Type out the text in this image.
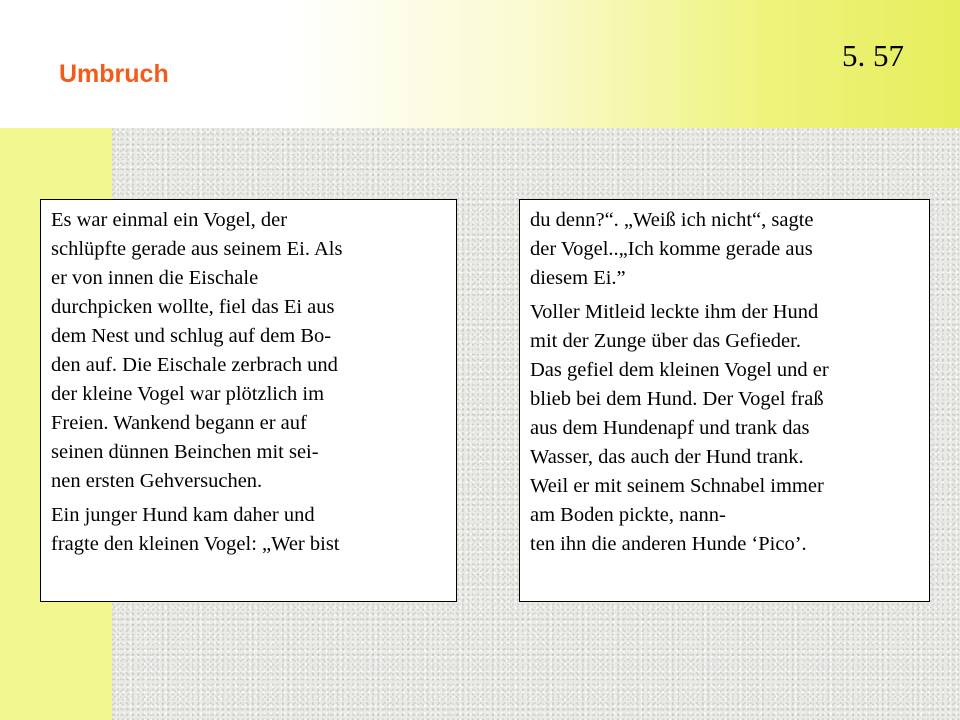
Umbruch
5. 57

Es war einmal ein Vogel, der
schlüpfte gerade aus seinem Ei. Als
er von innen die Eischale
durchpicken wollte, fiel das Ei aus
dem Nest und schlug auf dem Bo-
den auf. Die Eischale zerbrach und
der kleine Vogel war plötzlich im
Freien. Wankend begann er auf
seinen dünnen Beinchen mit sei-
nen ersten Gehversuchen.

Ein junger Hund kam daher und
fragte den kleinen Vogel: „Wer bist

du denn?“. „Weiß ich nicht“, sagte
der Vogel..„Ich komme gerade aus
diesem Ei.”

Voller Mitleid leckte ihm der Hund
mit der Zunge über das Gefieder.
Das gefiel dem kleinen Vogel und er
blieb bei dem Hund. Der Vogel fraß
aus dem Hundenapf und trank das
Wasser, das auch der Hund trank.
Weil er mit seinem Schnabel immer
am Boden pickte, nann-
ten ihn die anderen Hunde ‘Pico’.
